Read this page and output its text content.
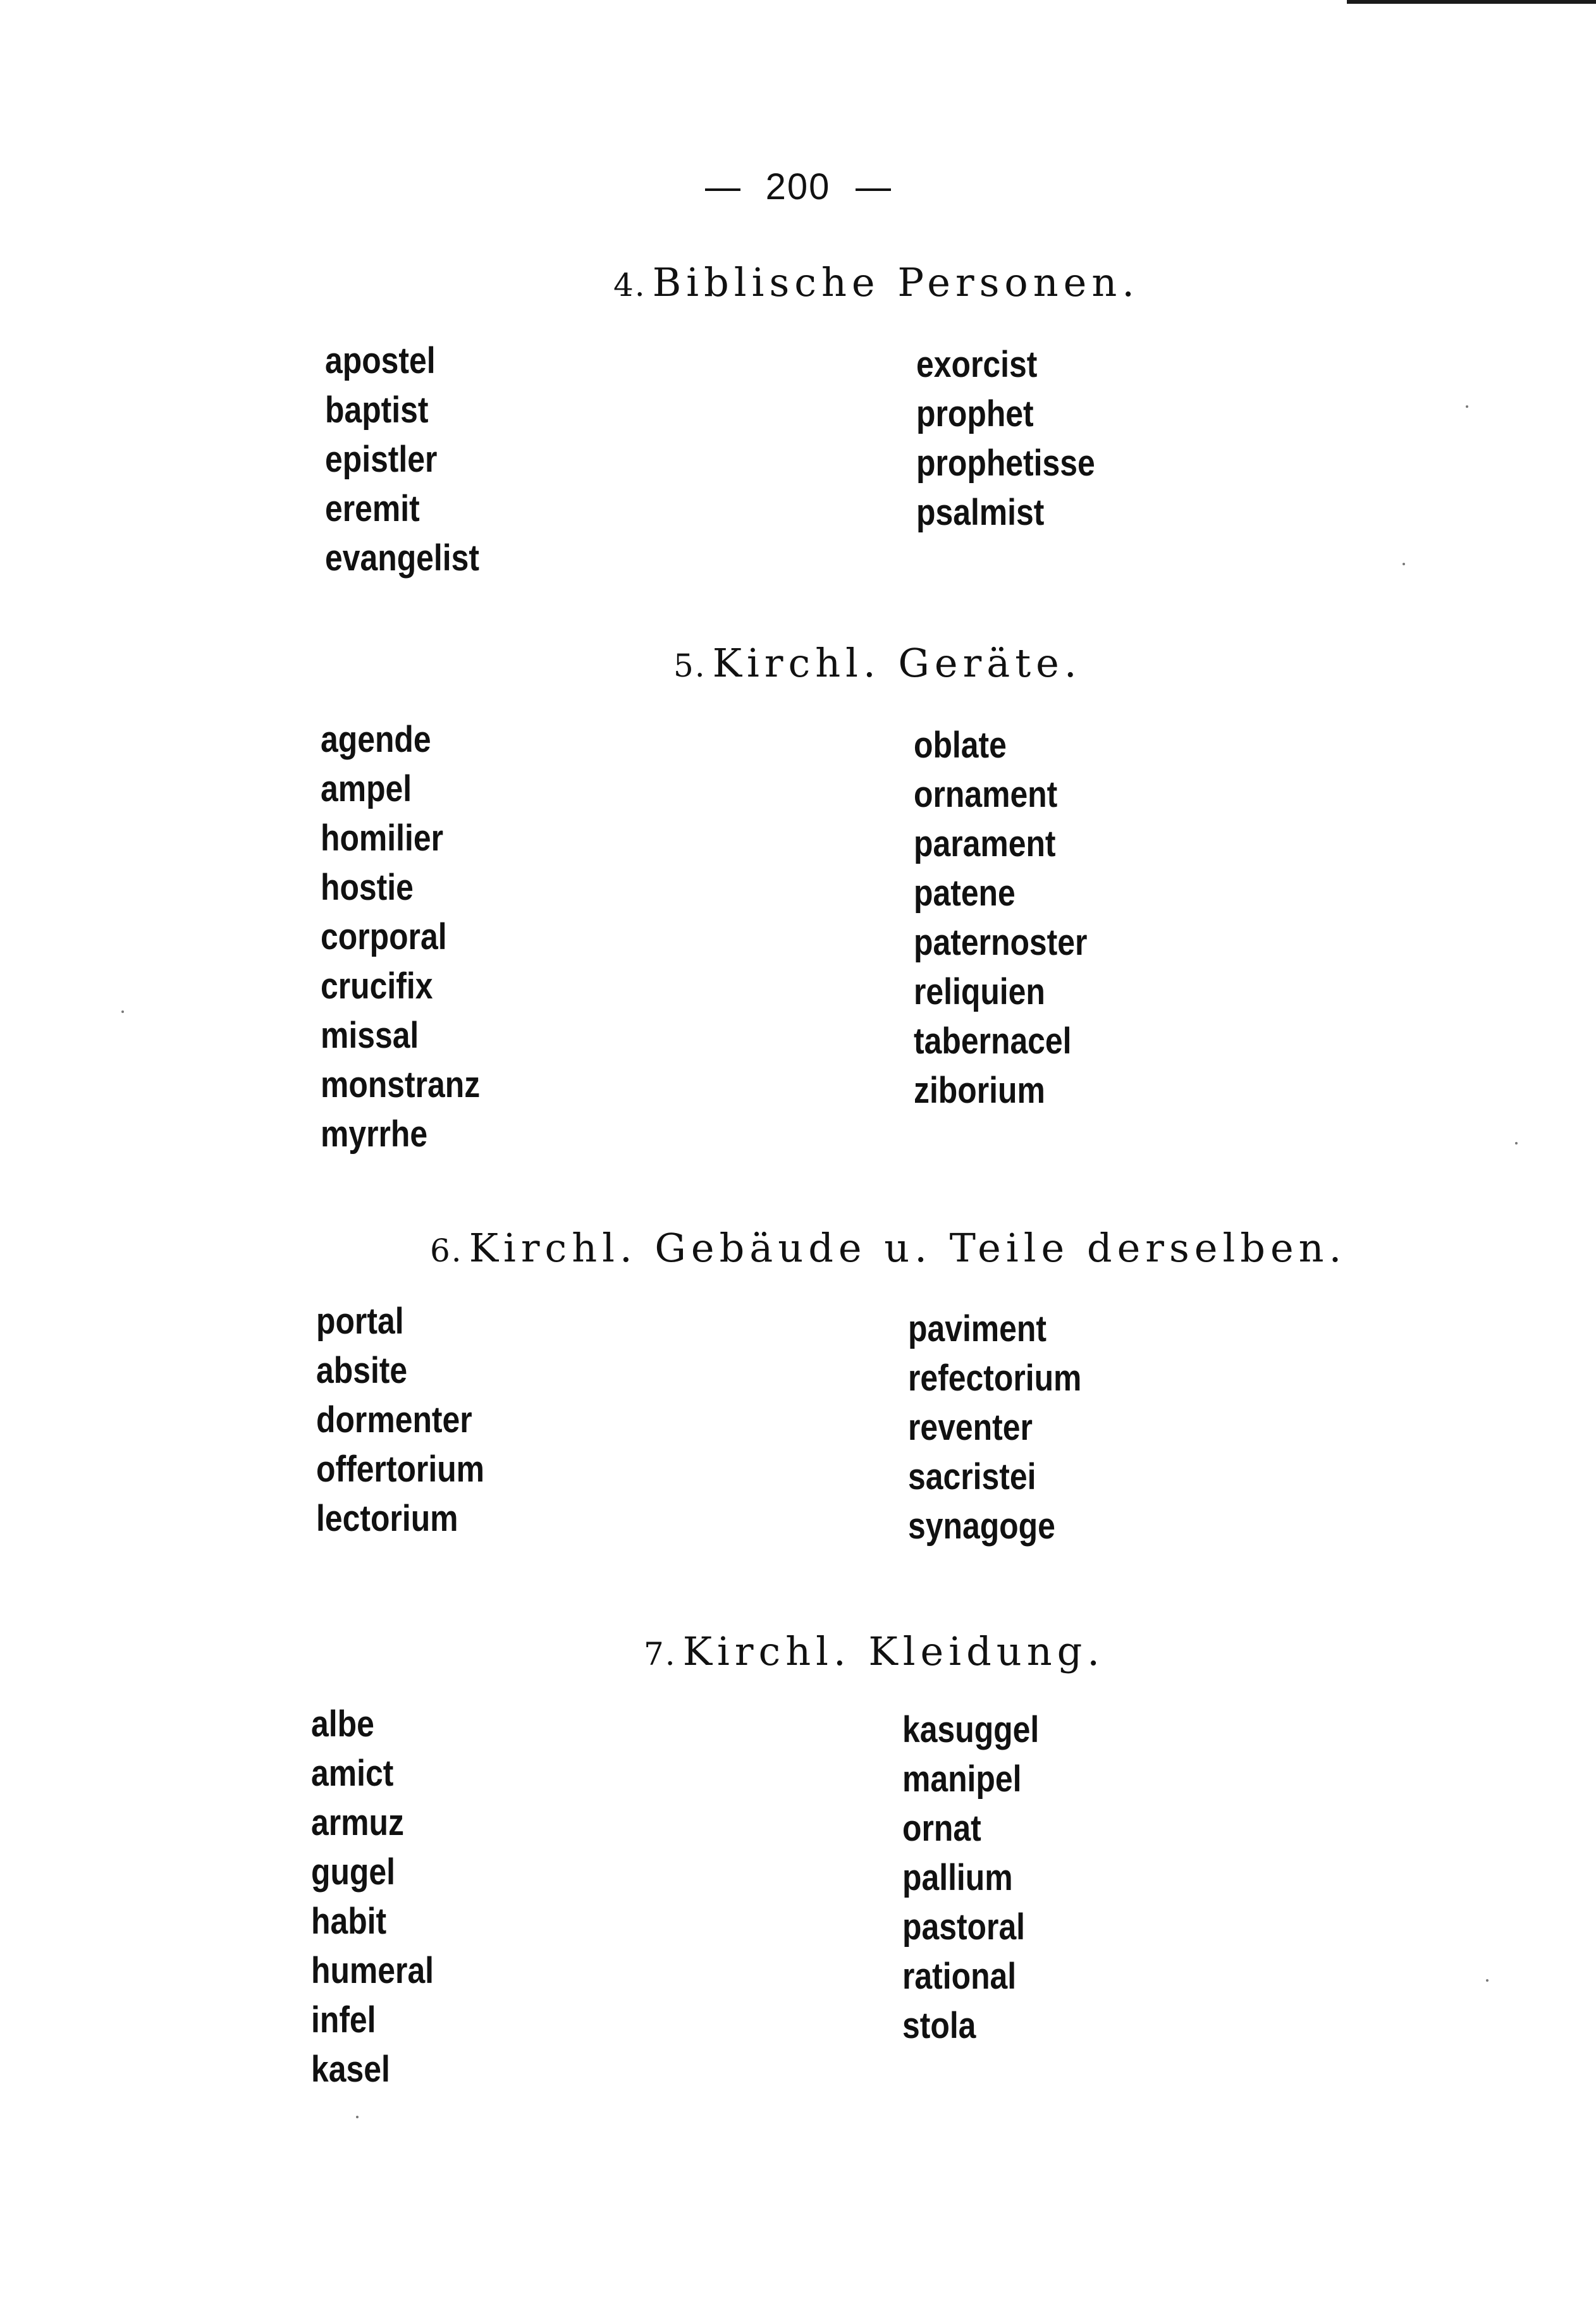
200
4. Biblische Personen.
apostel
baptist
epistler
eremit
evangelist
exorcist
prophet
prophetisse
psalmist
5. Kirchl. Geräte.
agende
ampel
homilier
hostie
corporal
crucifix
missal
monstranz
myrrhe
oblate
ornament
parament
patene
paternoster
reliquien
tabernacel
ziborium
6. Kirchl. Gebäude u. Teile derselben.
portal
absite
dormenter
offertorium
lectorium
paviment
refectorium
reventer
sacristei
synagoge
7. Kirchl. Kleidung.
albe
amict
armuz
gugel
habit
humeral
infel
kasel
kasuggel
manipel
ornat
pallium
pastoral
rational
stola
